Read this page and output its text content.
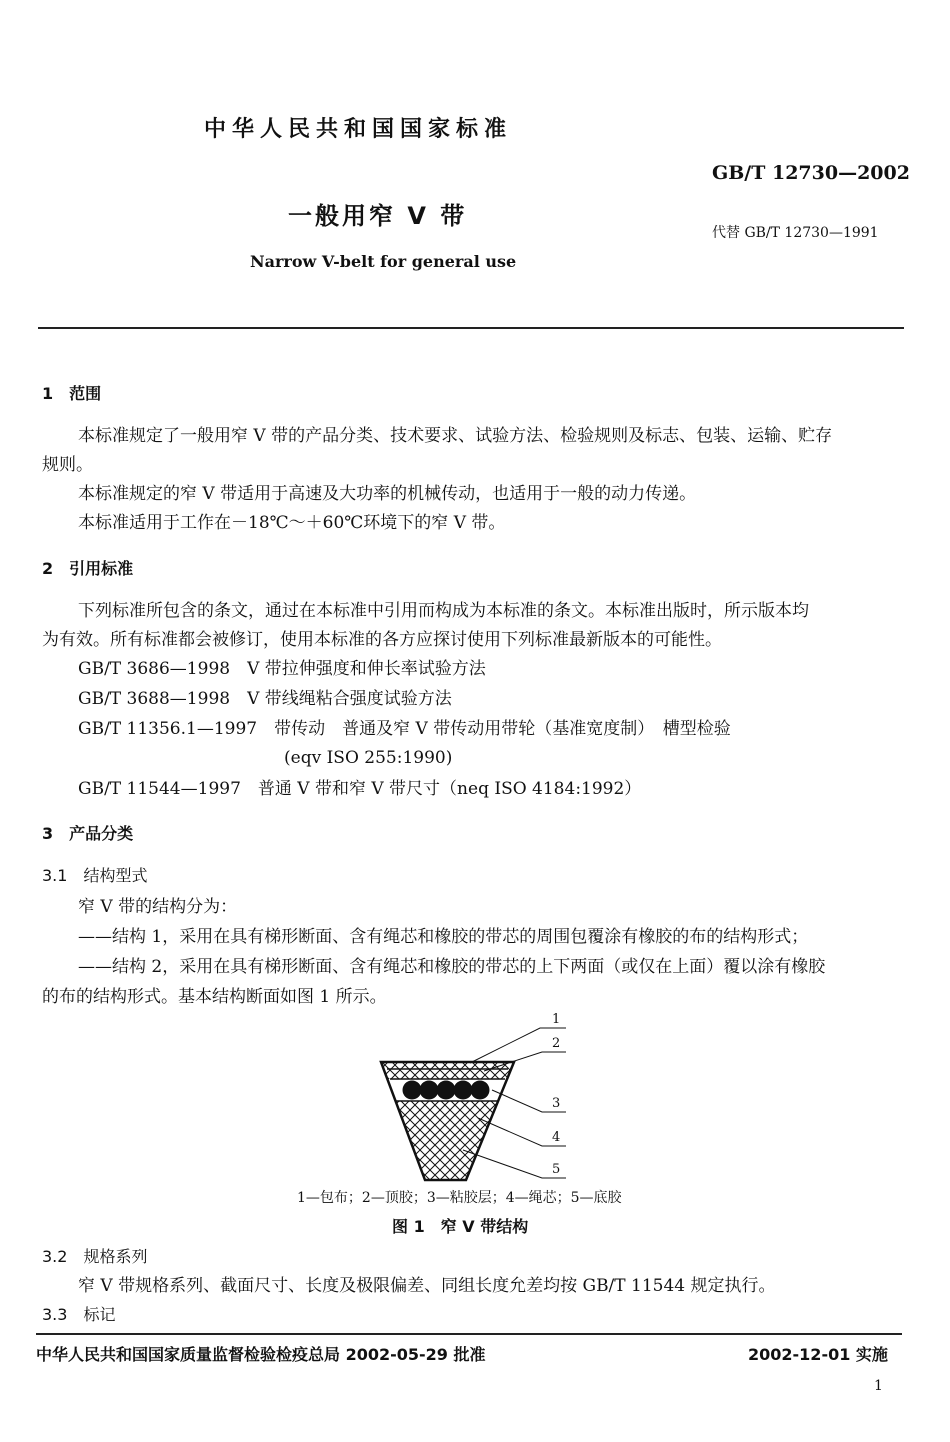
中华人民共和国国家标准
GB/T 12730—2002
一般用窄 V 带
代替 GB/T 12730—1991
Narrow V-belt for general use
1　范围
本标准规定了一般用窄 V 带的产品分类、技术要求、试验方法、检验规则及标志、包装、运输、贮存
规则。
本标准规定的窄 V 带适用于高速及大功率的机械传动，也适用于一般的动力传递。
本标准适用于工作在－18℃～＋60℃环境下的窄 V 带。
2　引用标准
下列标准所包含的条文，通过在本标准中引用而构成为本标准的条文。本标准出版时，所示版本均
为有效。所有标准都会被修订，使用本标准的各方应探讨使用下列标准最新版本的可能性。
GB/T 3686—1998　V 带拉伸强度和伸长率试验方法
GB/T 3688—1998　V 带线绳粘合强度试验方法
GB/T 11356.1—1997　带传动　普通及窄 V 带传动用带轮（基准宽度制）　槽型检验
(eqv ISO 255:1990)
GB/T 11544—1997　普通 V 带和窄 V 带尺寸（neq ISO 4184:1992）
3　产品分类
3.1　结构型式
窄 V 带的结构分为：
——结构 1，采用在具有梯形断面、含有绳芯和橡胶的带芯的周围包覆涂有橡胶的布的结构形式；
——结构 2，采用在具有梯形断面、含有绳芯和橡胶的带芯的上下两面（或仅在上面）覆以涂有橡胶
的布的结构形式。基本结构断面如图 1 所示。
1
2
3
4
5
1—包布；2—顶胶；3—粘胶层；4—绳芯；5—底胶
图 1　窄 V 带结构
3.2　规格系列
窄 V 带规格系列、截面尺寸、长度及极限偏差、同组长度允差均按 GB/T 11544 规定执行。
3.3　标记
中华人民共和国国家质量监督检验检疫总局 2002-05-29 批准	2002-12-01 实施
1
